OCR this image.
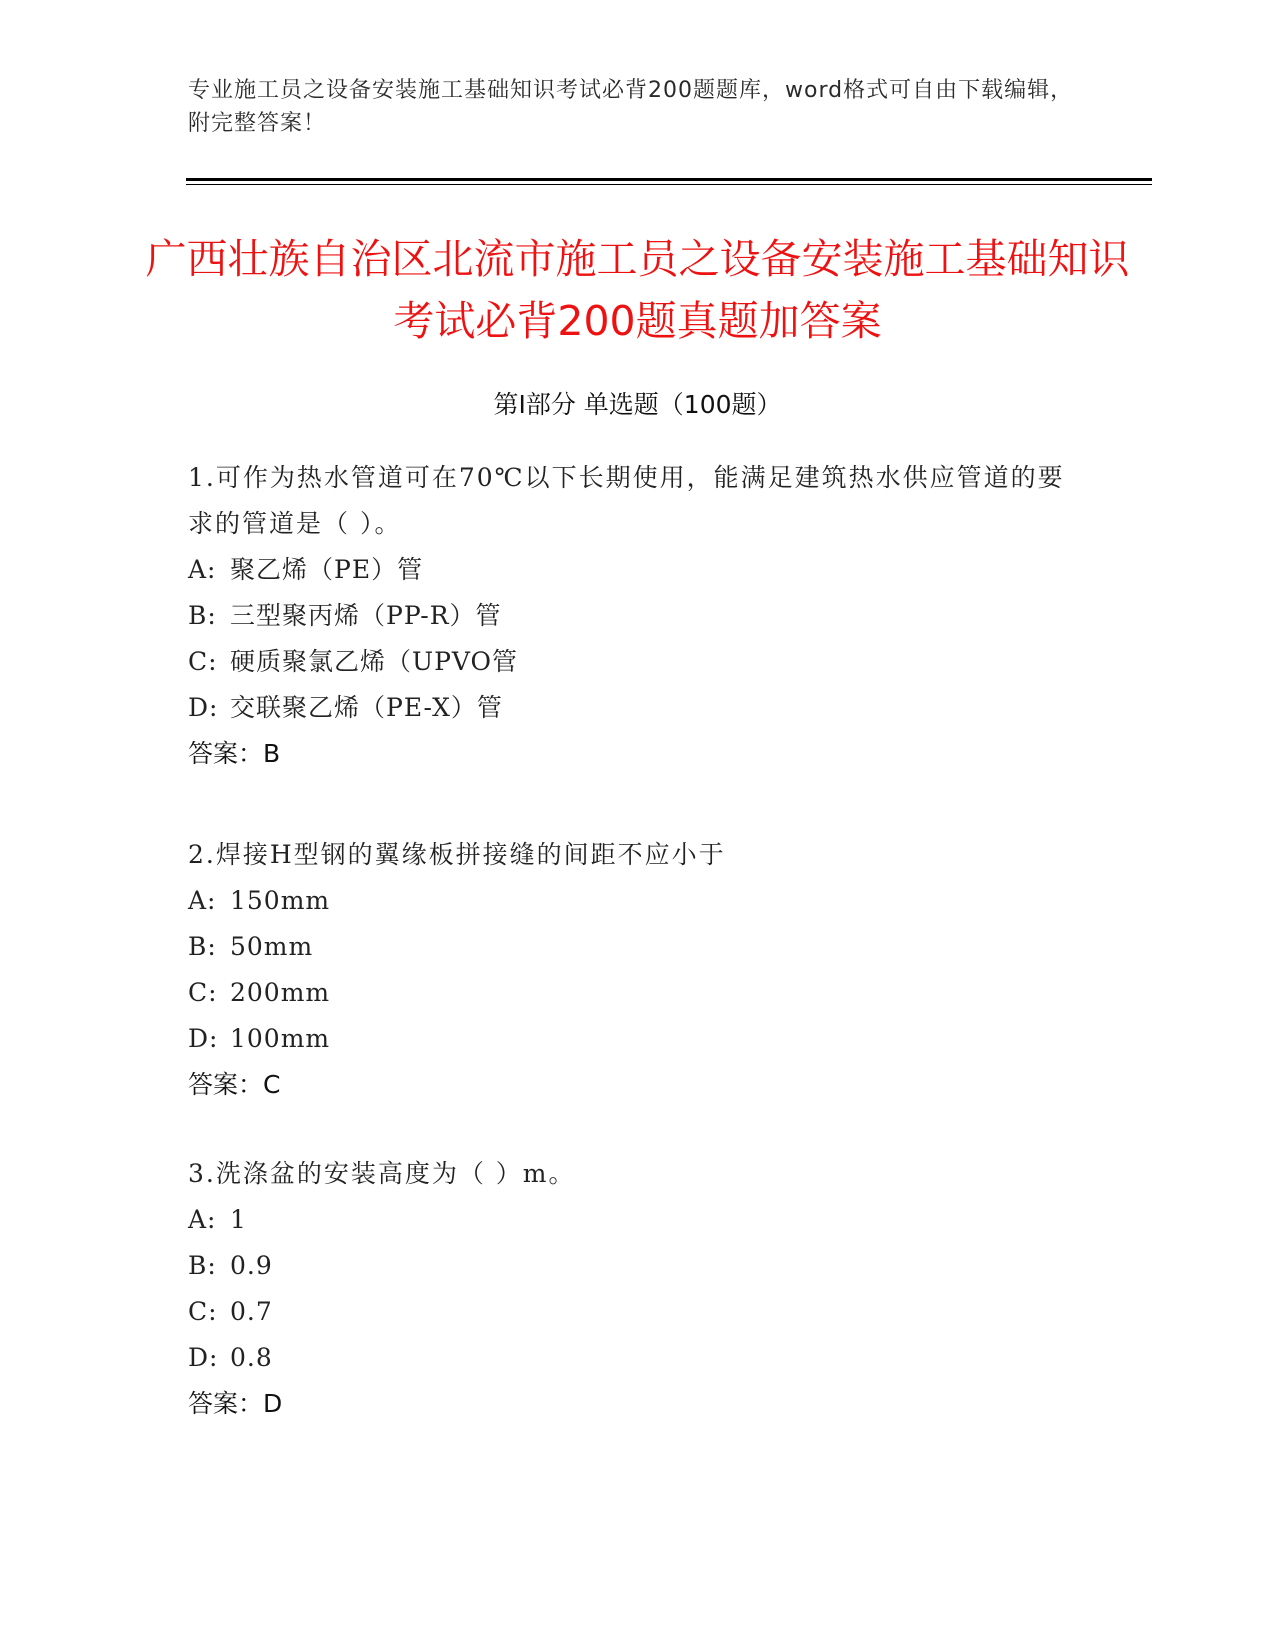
专业施工员之设备安装施工基础知识考试必背200题题库，word格式可自由下载编辑，附完整答案！
广西壮族自治区北流市施工员之设备安装施工基础知识考试必背200题真题加答案
第Ⅰ部分 单选题（100题）

1.可作为热水管道可在70℃以下长期使用，能满足建筑热水供应管道的要求的管道是（ ）。

A: 聚乙烯（PE）管

B: 三型聚丙烯（PP-R）管

C: 硬质聚氯乙烯（UPVO管

D: 交联聚乙烯（PE-X）管

答案：B

2.焊接H型钢的翼缘板拼接缝的间距不应小于

A: 150mm

B: 50mm

C: 200mm

D: 100mm

答案：C

3.洗涤盆的安装高度为（ ）m。

A: 1

B: 0.9

C: 0.7

D: 0.8

答案：D
